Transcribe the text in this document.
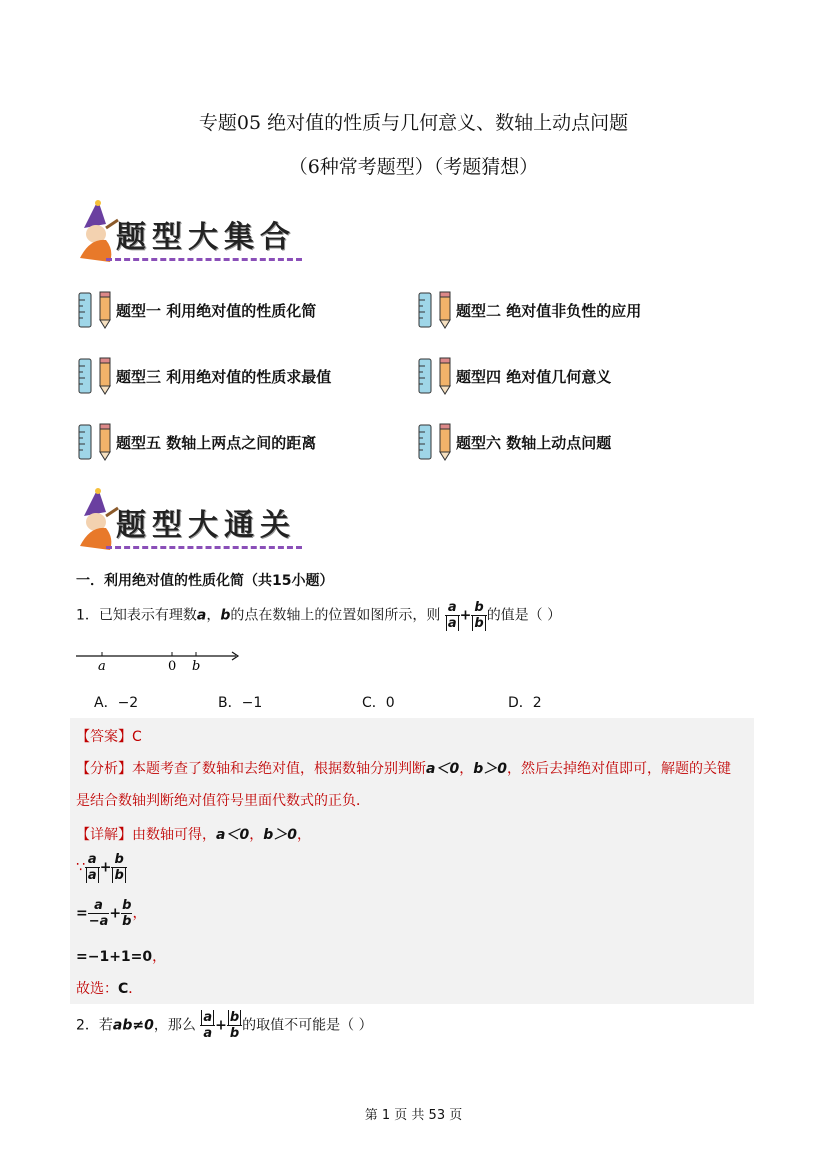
专题05 绝对值的性质与几何意义、数轴上动点问题
（6种常考题型）（考题猜想）
题型大集合
题型一 利用绝对值的性质化简	题型二 绝对值非负性的应用
题型三 利用绝对值的性质求最值	题型四 绝对值几何意义
题型五 数轴上两点之间的距离	题型六 数轴上动点问题
题型大通关
一．利用绝对值的性质化简（共15小题）
1．已知表示有理数a，b的点在数轴上的位置如图所示，则 $\frac{a}{a} + \frac{b}{b}$ 的值是（ ）
a	0 b
A．−2	B．−1	C．0	D．2
【答案】C
【分析】本题考查了数轴和去绝对值，根据数轴分别判断a＜0，b＞0，然后去掉绝对值即可，解题的关键
是结合数轴判断绝对值符号里面代数式的正负．
【详解】由数轴可得，a＜0，b＞0，
∵ $\frac{a}{a} + \frac{b}{b}$
= $\frac{a}{-a} + \frac{b}{b}$ ，
=−1+1=0，
故选：C．
2．若ab≠0，那么 $\frac{a}{a} + \frac{b}{b}$ 的取值不可能是（ ）
第 1 页 共 53 页
